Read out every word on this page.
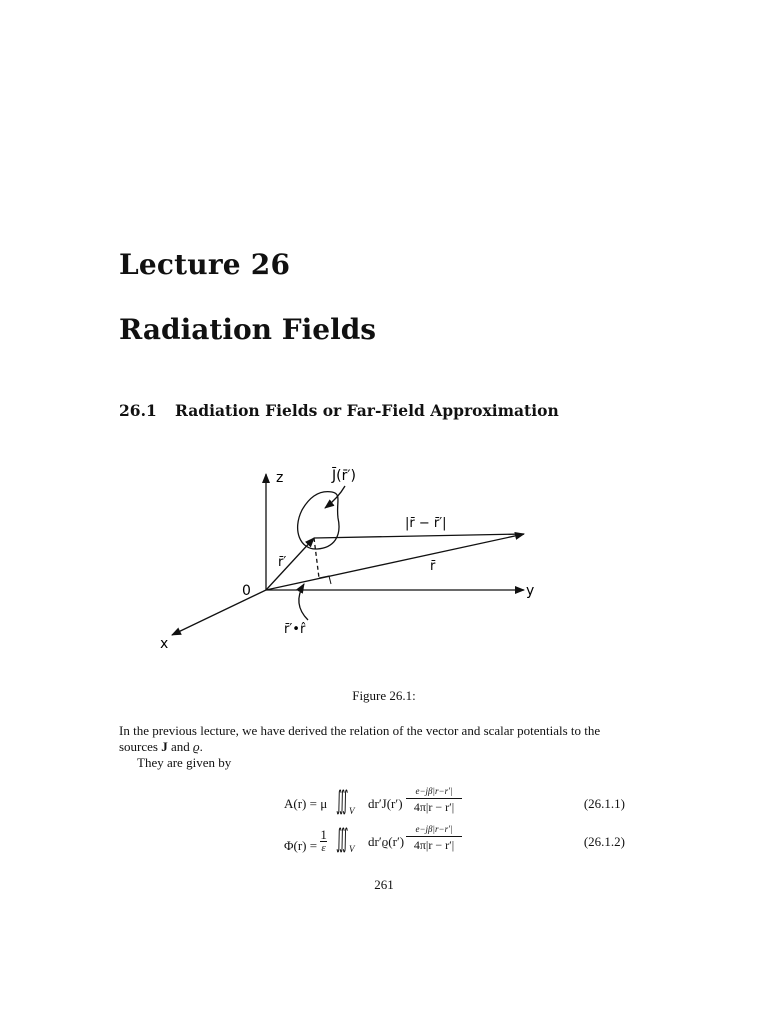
Lecture 26
Radiation Fields
26.1	Radiation Fields or Far-Field Approximation
z
y
x
0
J̄(r̄′)
|r̄ − r̄′|
r̄
r̄′
r̄′•r̂
Figure 26.1:

In the previous lecture, we have derived the relation of the vector and scalar potentials to the sources J and ϱ.

They are given by

A(r) = μ ∭ V dr′J(r′)
e−jβ|r−r′|
4π|r − r′|	(26.1.1)
Φ(r) =
1
ε ∭ V dr′ϱ(r′)
e−jβ|r−r′|
4π|r − r′|	(26.1.2)
261
